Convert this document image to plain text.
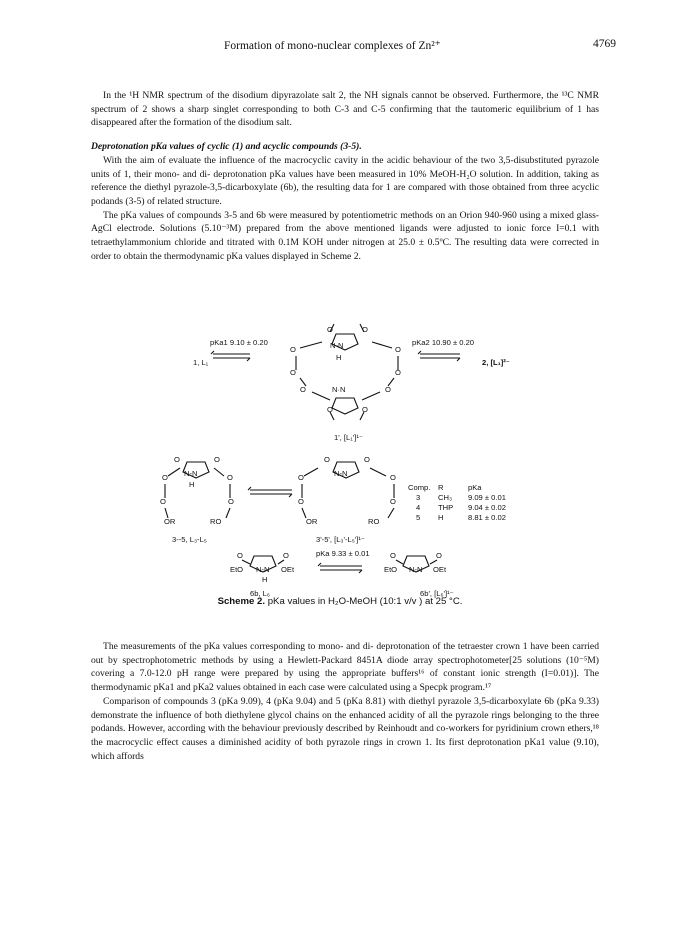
Formation of mono-nuclear complexes of Zn²⁺	4769

In the ¹H NMR spectrum of the disodium dipyrazolate salt 2, the NH signals cannot be observed. Furthermore, the ¹³C NMR spectrum of 2 shows a sharp singlet corresponding to both C-3 and C-5 confirming that the tautomeric equilibrium of 1 has disappeared after the formation of the disodium salt.

Deprotonation pKa values of cyclic (1) and acyclic compounds (3-5).

With the aim of evaluate the influence of the macrocyclic cavity in the acidic behaviour of the two 3,5-disubstituted pyrazole units of 1, their mono- and di- deprotonation pKa values have been measured in 10% MeOH-H₂O solution. In addition, taking as reference the diethyl pyrazole-3,5-dicarboxylate (6b), the resulting data for 1 are compared with those obtained from three acyclic podands (3-5) of related structure.

The pKa values of compounds 3-5 and 6b were measured by potentiometric methods on an Orion 940-960 using a mixed glass-AgCl electrode. Solutions (5.10⁻³M) prepared from the above mentioned ligands were adjusted to ionic force I=0.1 with tetraethylammonium chloride and titrated with 0.1M KOH under nitrogen at 25.0 ± 0.5ºC. The resulting data were corrected in order to obtain the thermodynamic pKa values displayed in Scheme 2.

1, L₁
pKa1 9.10 ± 0.20
O	O
O	O
N-N
H
O	O
O	O
N·N
O	O
1', [L₁']¹⁻
pKa2 10.90 ± 0.20
2, [L₁]²⁻
O	O
O	O
N-N
H
O	O
OR	RO
3--5, L₃-L₅
O	O
O	O
N-N
O	O
OR	RO
3'-5', [L₃'-L₅']¹⁻
Comp. R	pKa
3 CH₃ 9.09 ± 0.01
4 THP 9.04 ± 0.02
5 H	8.81 ± 0.02
O	O
EtO	OEt
N-N
H
6b, L₆
pKa 9.33 ± 0.01	O	O
EtO	OEt
N-N
6b', [L₆']¹⁻
Scheme 2. pKa values in H₂O-MeOH (10:1 v/v ) at 25 °C.

The measurements of the pKa values corresponding to mono- and di- deprotonation of the tetraester crown 1 have been carried out by spectrophotometric methods by using a Hewlett-Packard 8451A diode array spectrophotometer[25 solutions (10⁻⁵M) covering a 7.0-12.0 pH range were prepared by using the appropriate buffers¹⁶ of constant ionic strength (I=0.01)]. The thermodynamic pKa1 and pKa2 values obtained in each case were calculated using a Specpk program.¹⁷

Comparison of compounds 3 (pKa 9.09), 4 (pKa 9.04) and 5 (pKa 8.81) with diethyl pyrazole 3,5-dicarboxylate 6b (pKa 9.33) demonstrate the influence of both diethylene glycol chains on the enhanced acidity of all the pyrazole rings belonging to the three podands. However, according with the behaviour previously described by Reinhoudt and co-workers for pyridinium crown ethers,¹⁸ the macrocyclic effect causes a diminished acidity of both pyrazole rings in crown 1. Its first deprotonation pKa1 value (9.10), which affords
